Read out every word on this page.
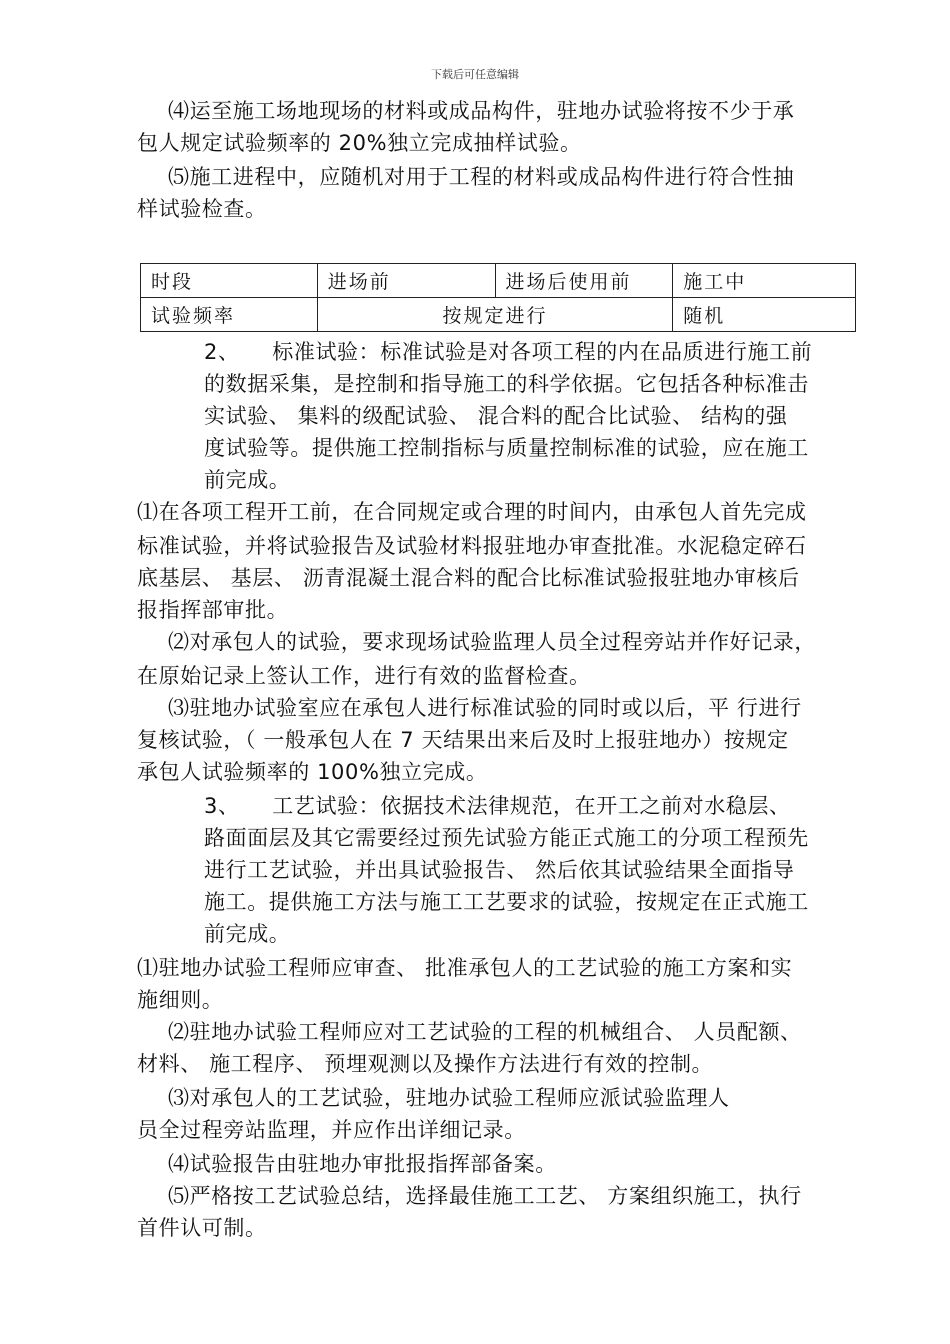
下载后可任意编辑
⑷运至施工场地现场的材料或成品构件，驻地办试验将按不少于承
包人规定试验频率的 20%独立完成抽样试验。
⑸施工进程中，应随机对用于工程的材料或成品构件进行符合性抽
样试验检查。
时段	进场前	进场后使用前	施工中
试验频率	按规定进行		随机
2、　　标准试验：标准试验是对各项工程的内在品质进行施工前
的数据采集，是控制和指导施工的科学依据。它包括各种标准击
实试验、 集料的级配试验、 混合料的配合比试验、 结构的强
度试验等。提供施工控制指标与质量控制标准的试验，应在施工
前完成。
⑴在各项工程开工前，在合同规定或合理的时间内，由承包人首先完成
标准试验，并将试验报告及试验材料报驻地办审查批准。水泥稳定碎石
底基层、 基层、 沥青混凝土混合料的配合比标准试验报驻地办审核后
报指挥部审批。
⑵对承包人的试验，要求现场试验监理人员全过程旁站并作好记录，
在原始记录上签认工作，进行有效的监督检查。
⑶驻地办试验室应在承包人进行标准试验的同时或以后，平 行进行
复核试验，（ 一般承包人在 7 天结果出来后及时上报驻地办）按规定
承包人试验频率的 100%独立完成。
3、　　工艺试验：依据技术法律规范，在开工之前对水稳层、
路面面层及其它需要经过预先试验方能正式施工的分项工程预先
进行工艺试验，并出具试验报告、 然后依其试验结果全面指导
施工。提供施工方法与施工工艺要求的试验，按规定在正式施工
前完成。
⑴驻地办试验工程师应审查、 批准承包人的工艺试验的施工方案和实
施细则。
⑵驻地办试验工程师应对工艺试验的工程的机械组合、 人员配额、
材料、 施工程序、 预埋观测以及操作方法进行有效的控制。
⑶对承包人的工艺试验，驻地办试验工程师应派试验监理人
员全过程旁站监理，并应作出详细记录。
⑷试验报告由驻地办审批报指挥部备案。
⑸严格按工艺试验总结，选择最佳施工工艺、 方案组织施工，执行
首件认可制。
